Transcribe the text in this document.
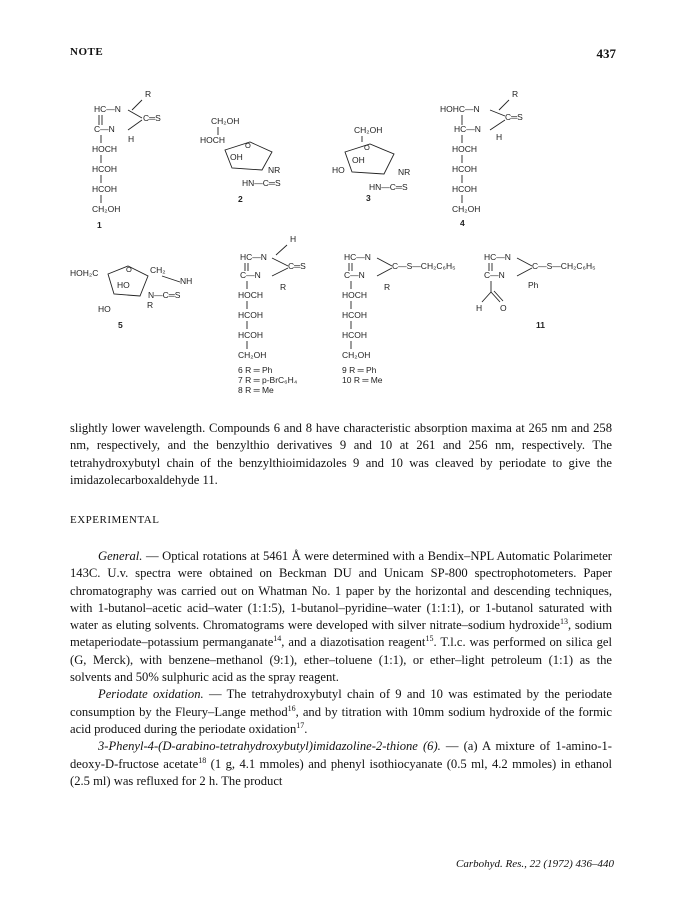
NOTE	437
R
HC—N
C—N
C═S
H
HOCH
HCOH
HCOH
CH₂OH
1
CH₂OH
HOCH
O
OH
NR
HN—C═S
2
CH₂OH
O
OH
HO	NR
HN—C═S
3
R
HOHC—N
HC—N
C═S
H
HOCH
HCOH
HCOH
CH₂OH
4
HOH₂C	O
HO
CH₂
NH
N—C═S
R
HO
5
H
HC—N
C—N
C═S
R
HOCH
HCOH
HCOH
CH₂OH
6 R ═ Ph
7 R ═ p-BrC₆H₄
8 R ═ Me
HC—N
C—N
C—S—CH₂C₆H₅
R
HOCH
HCOH
HCOH
CH₂OH
9 R ═ Ph
10 R ═ Me
HC—N
C—N
C—S—CH₂C₆H₅
Ph
H O
11

slightly lower wavelength. Compounds 6 and 8 have characteristic absorption maxima at 265 nm and 258 nm, respectively, and the benzylthio derivatives 9 and 10 at 261 and 256 nm, respectively. The tetrahydroxybutyl chain of the benzylthioimidazoles 9 and 10 was cleaved by periodate to give the imidazolecarboxaldehyde 11.

EXPERIMENTAL

General. — Optical rotations at 5461 Å were determined with a Bendix–NPL Automatic Polarimeter 143C. U.v. spectra were obtained on Beckman DU and Unicam SP-800 spectrophotometers. Paper chromatography was carried out on Whatman No. 1 paper by the horizontal and descending techniques, with 1-butanol–acetic acid–water (1:1:5), 1-butanol–pyridine–water (1:1:1), or 1-butanol saturated with water as eluting solvents. Chromatograms were developed with silver nitrate–sodium hydroxide$^{13}$, sodium metaperiodate–potassium permanganate$^{14}$, and a diazotisation reagent$^{15}$. T.l.c. was performed on silica gel (G, Merck), with benzene–methanol (9:1), ether–toluene (1:1), or ether–light petroleum (1:1) as the solvents and 50% sulphuric acid as the spray reagent.

Periodate oxidation. — The tetrahydroxybutyl chain of 9 and 10 was estimated by the periodate consumption by the Fleury–Lange method$^{16}$, and by titration with 10mm sodium hydroxide of the formic acid produced during the periodate oxidation$^{17}$.

3-Phenyl-4-(D-arabino-tetrahydroxybutyl)imidazoline-2-thione (6). — (a) A mixture of 1-amino-1-deoxy-D-fructose acetate$^{18}$ (1 g, 4.1 mmoles) and phenyl isothiocyanate (0.5 ml, 4.2 mmoles) in ethanol (2.5 ml) was refluxed for 2 h. The product

Carbohyd. Res., 22 (1972) 436–440
